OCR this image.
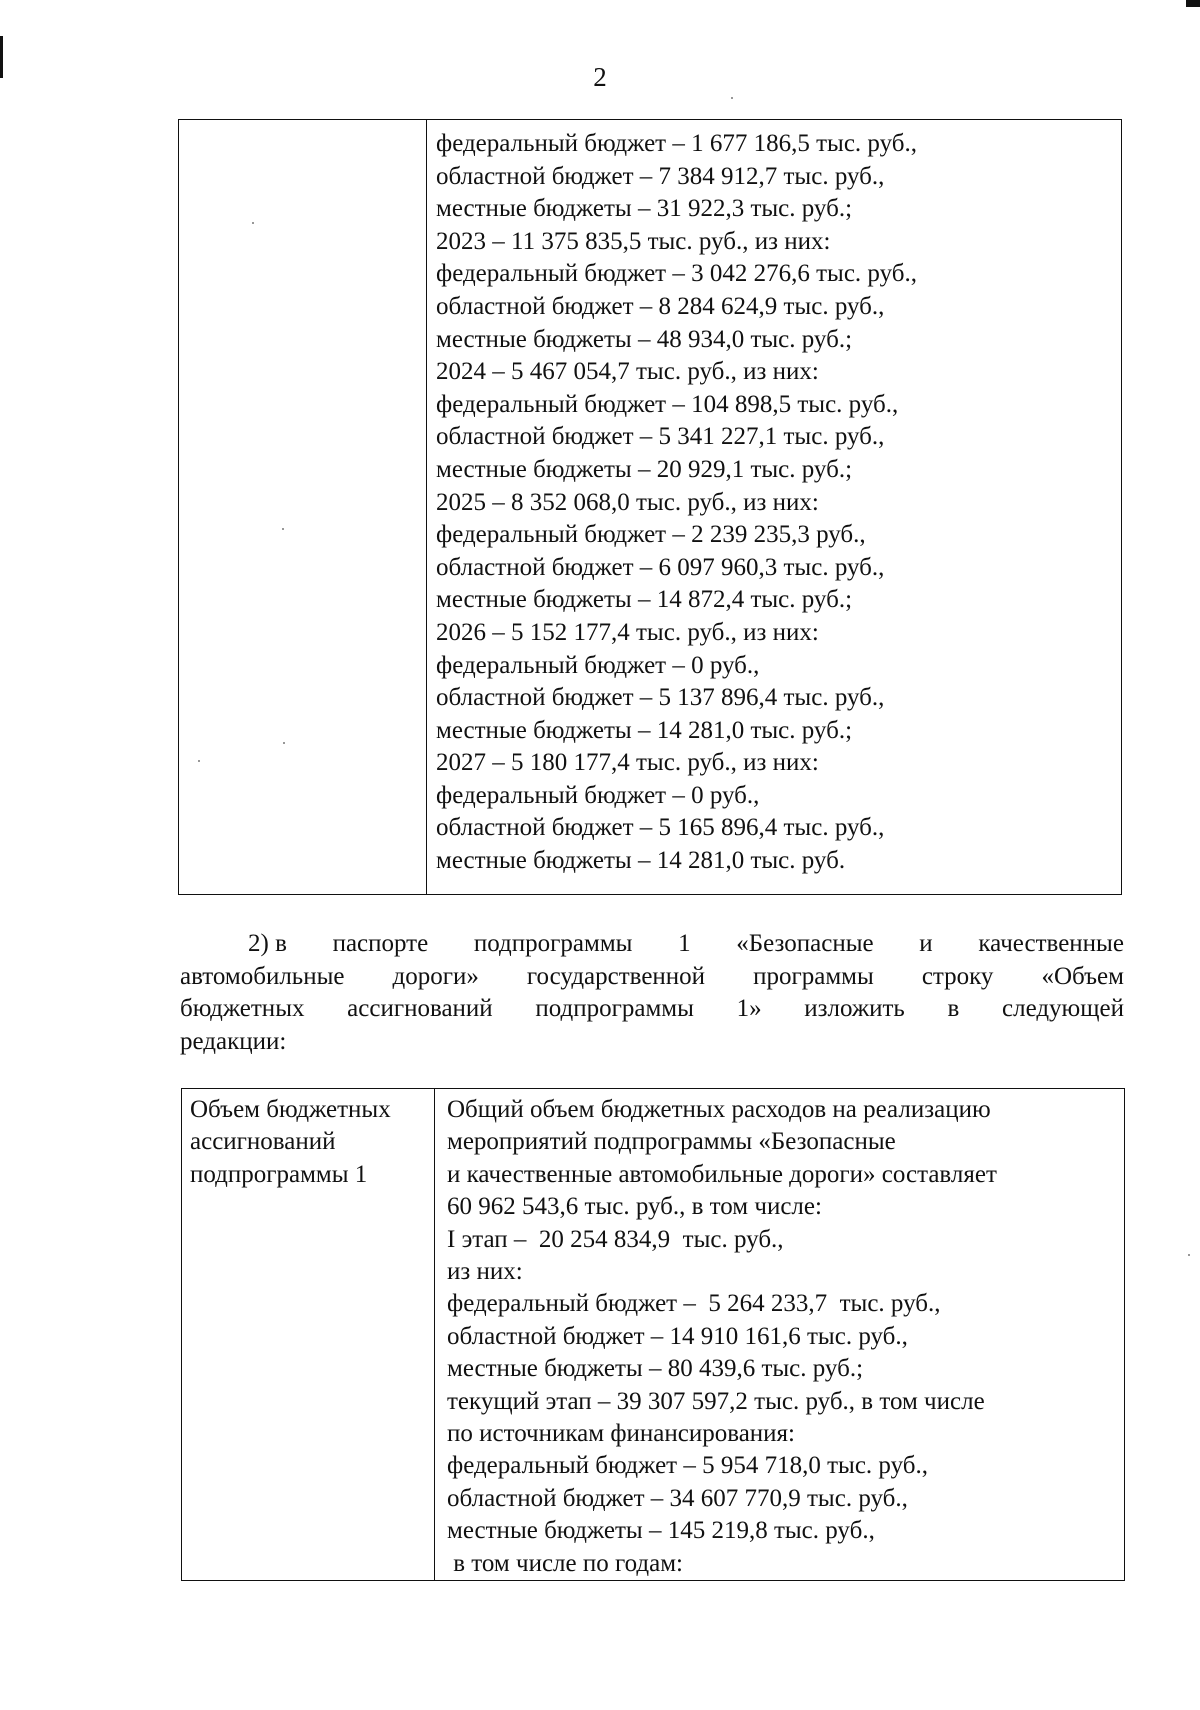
2

федеральный бюджет – 1 677 186,5 тыс. руб.,
областной бюджет – 7 384 912,7 тыс. руб.,
местные бюджеты – 31 922,3 тыс. руб.;
2023 – 11 375 835,5 тыс. руб., из них:
федеральный бюджет – 3 042 276,6 тыс. руб.,
областной бюджет – 8 284 624,9 тыс. руб.,
местные бюджеты – 48 934,0 тыс. руб.;
2024 – 5 467 054,7 тыс. руб., из них:
федеральный бюджет – 104 898,5 тыс. руб.,
областной бюджет – 5 341 227,1 тыс. руб.,
местные бюджеты – 20 929,1 тыс. руб.;
2025 – 8 352 068,0 тыс. руб., из них:
федеральный бюджет – 2 239 235,3 руб.,
областной бюджет – 6 097 960,3 тыс. руб.,
местные бюджеты – 14 872,4 тыс. руб.;
2026 – 5 152 177,4 тыс. руб., из них:
федеральный бюджет – 0 руб.,
областной бюджет – 5 137 896,4 тыс. руб.,
местные бюджеты – 14 281,0 тыс. руб.;
2027 – 5 180 177,4 тыс. руб., из них:
федеральный бюджет – 0 руб.,
областной бюджет – 5 165 896,4 тыс. руб.,
местные бюджеты – 14 281,0 тыс. руб.
2) в паспорте подпрограммы 1 «Безопасные и качественные
автомобильные дороги» государственной программы строку «Объем
бюджетных ассигнований подпрограммы 1» изложить в следующей
редакции:
Объем бюджетных
ассигнований
подпрограммы 1

Общий объем бюджетных расходов на реализацию
мероприятий подпрограммы «Безопасные
и качественные автомобильные дороги» составляет
60 962 543,6 тыс. руб., в том числе:
I этап –  20 254 834,9  тыс. руб.,
из них:
федеральный бюджет –  5 264 233,7  тыс. руб.,
областной бюджет – 14 910 161,6 тыс. руб.,
местные бюджеты – 80 439,6 тыс. руб.;
текущий этап – 39 307 597,2 тыс. руб., в том числе
по источникам финансирования:
федеральный бюджет – 5 954 718,0 тыс. руб.,
областной бюджет – 34 607 770,9 тыс. руб.,
местные бюджеты – 145 219,8 тыс. руб.,
в том числе по годам:
